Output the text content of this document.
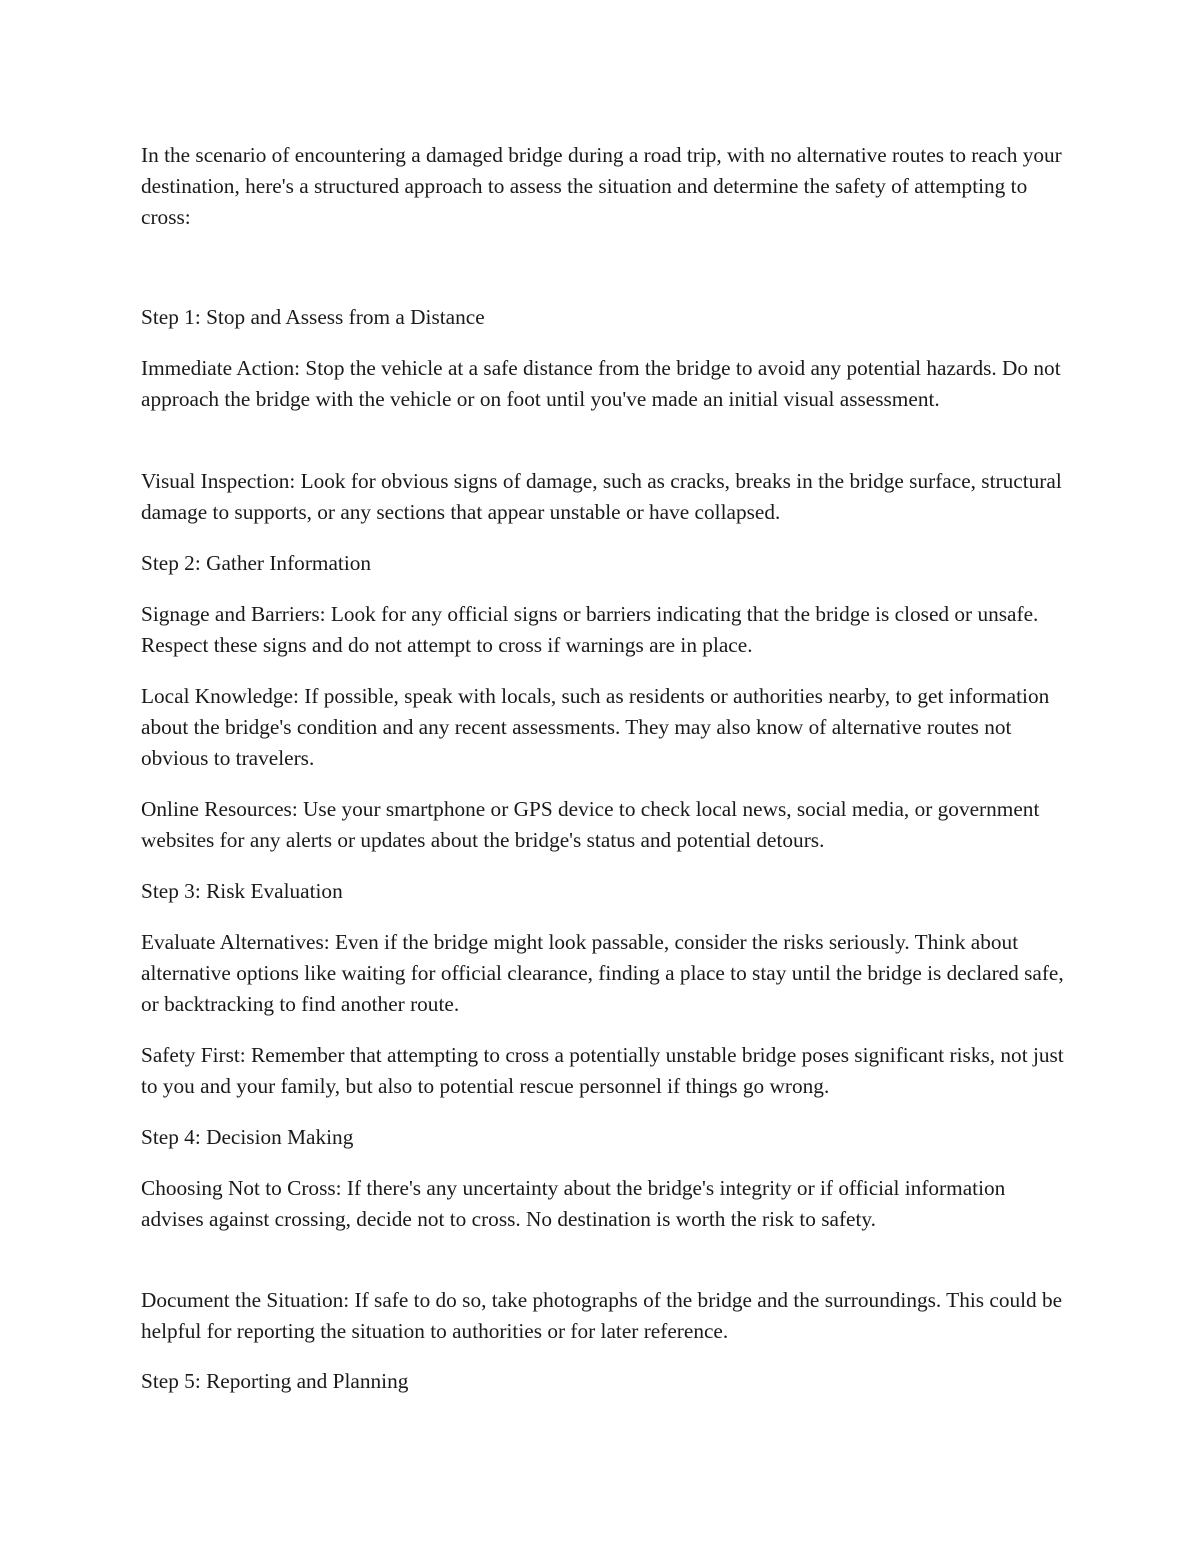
In the scenario of encountering a damaged bridge during a road trip, with no alternative routes to reach your destination, here's a structured approach to assess the situation and determine the safety of attempting to cross:

Step 1: Stop and Assess from a Distance

Immediate Action: Stop the vehicle at a safe distance from the bridge to avoid any potential hazards. Do not approach the bridge with the vehicle or on foot until you've made an initial visual assessment.

Visual Inspection: Look for obvious signs of damage, such as cracks, breaks in the bridge surface, structural damage to supports, or any sections that appear unstable or have collapsed.

Step 2: Gather Information

Signage and Barriers: Look for any official signs or barriers indicating that the bridge is closed or unsafe. Respect these signs and do not attempt to cross if warnings are in place.

Local Knowledge: If possible, speak with locals, such as residents or authorities nearby, to get information about the bridge's condition and any recent assessments. They may also know of alternative routes not obvious to travelers.

Online Resources: Use your smartphone or GPS device to check local news, social media, or government websites for any alerts or updates about the bridge's status and potential detours.

Step 3: Risk Evaluation

Evaluate Alternatives: Even if the bridge might look passable, consider the risks seriously. Think about alternative options like waiting for official clearance, finding a place to stay until the bridge is declared safe, or backtracking to find another route.

Safety First: Remember that attempting to cross a potentially unstable bridge poses significant risks, not just to you and your family, but also to potential rescue personnel if things go wrong.

Step 4: Decision Making

Choosing Not to Cross: If there's any uncertainty about the bridge's integrity or if official information advises against crossing, decide not to cross. No destination is worth the risk to safety.

Document the Situation: If safe to do so, take photographs of the bridge and the surroundings. This could be helpful for reporting the situation to authorities or for later reference.

Step 5: Reporting and Planning
